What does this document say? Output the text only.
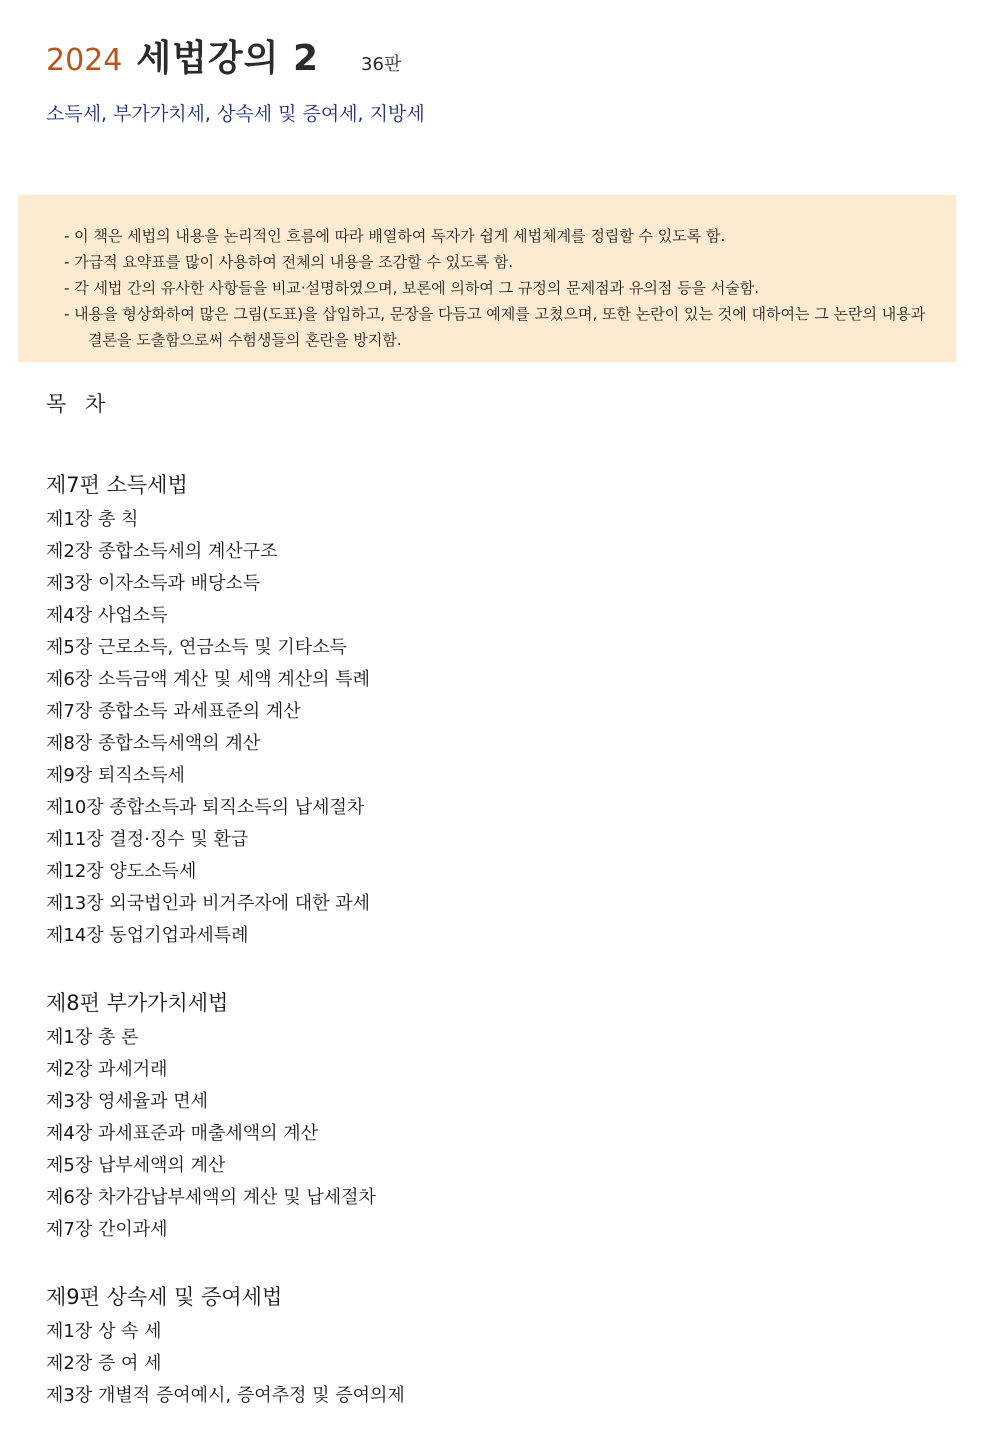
2024 세법강의 2 36판
소득세, 부가가치세, 상속세 및 증여세, 지방세
- 이 책은 세법의 내용을 논리적인 흐름에 따라 배열하여 독자가 쉽게 세법체계를 정립할 수 있도록 함.
- 가급적 요약표를 많이 사용하여 전체의 내용을 조감할 수 있도록 함.
- 각 세법 간의 유사한 사항들을 비교·설명하였으며, 보론에 의하여 그 규정의 문제점과 유의점 등을 서술함.
- 내용을 형상화하여 많은 그림(도표)을 삽입하고, 문장을 다듬고 예제를 고쳤으며, 또한 논란이 있는 것에 대하여는 그 논란의 내용과 결론을 도출함으로써 수험생들의 혼란을 방지함.
목 차
제7편 소득세법
제1장 총 칙
제2장 종합소득세의 계산구조
제3장 이자소득과 배당소득
제4장 사업소득
제5장 근로소득, 연금소득 및 기타소득
제6장 소득금액 계산 및 세액 계산의 특례
제7장 종합소득 과세표준의 계산
제8장 종합소득세액의 계산
제9장 퇴직소득세
제10장 종합소득과 퇴직소득의 납세절차
제11장 결정·징수 및 환급
제12장 양도소득세
제13장 외국법인과 비거주자에 대한 과세
제14장 동업기업과세특례
제8편 부가가치세법
제1장 총 론
제2장 과세거래
제3장 영세율과 면세
제4장 과세표준과 매출세액의 계산
제5장 납부세액의 계산
제6장 차가감납부세액의 계산 및 납세절차
제7장 간이과세
제9편 상속세 및 증여세법
제1장 상 속 세
제2장 증 여 세
제3장 개별적 증여예시, 증여추정 및 증여의제
